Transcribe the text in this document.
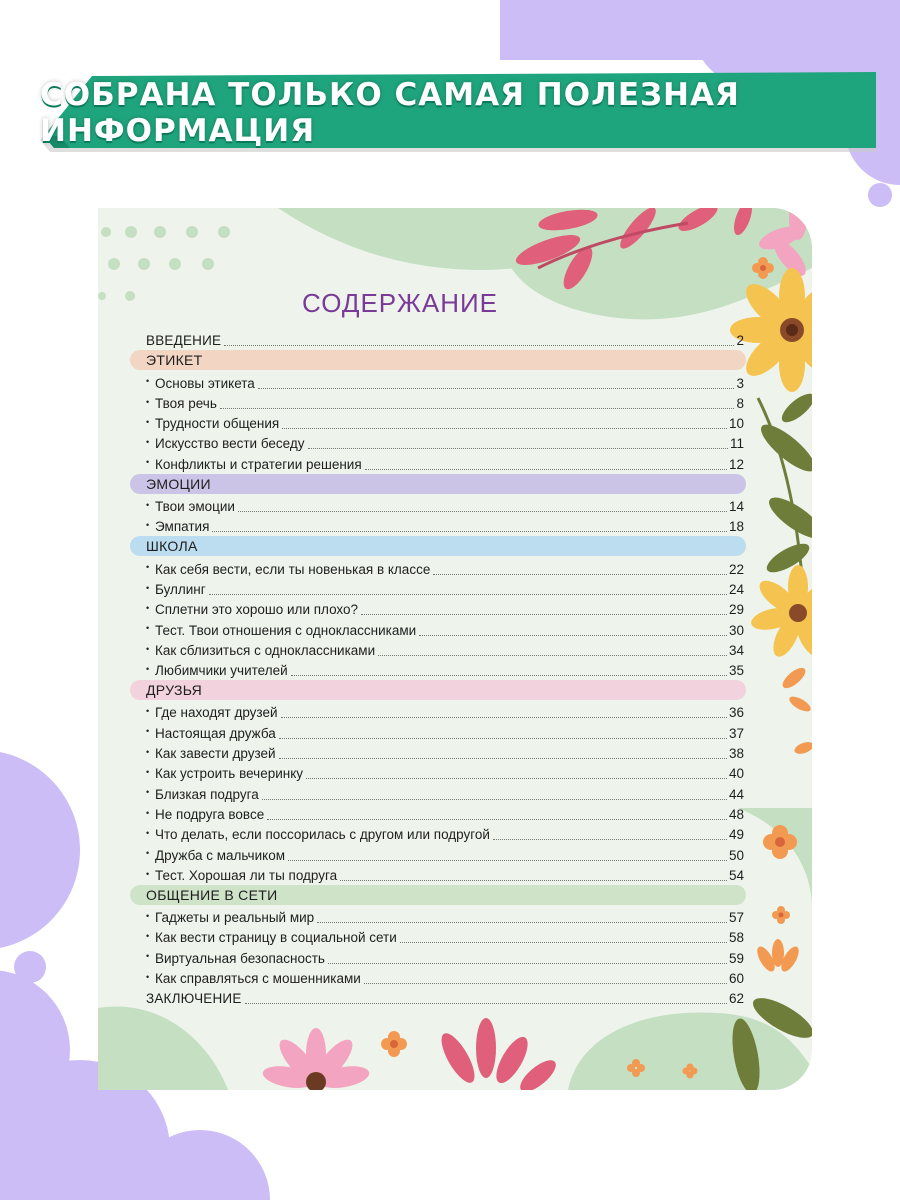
СОБРАНА ТОЛЬКО САМАЯ ПОЛЕЗНАЯ ИНФОРМАЦИЯ
СОДЕРЖАНИЕ
ВВЕДЕНИЕ	2
ЭТИКЕТ
• Основы этикета	3
• Твоя речь	8
• Трудности общения	10
• Искусство вести беседу	11
• Конфликты и стратегии решения	12
ЭМОЦИИ
• Твои эмоции	14
• Эмпатия	18
ШКОЛА
• Как себя вести, если ты новенькая в классе	22
• Буллинг	24
• Сплетни это хорошо или плохо?	29
• Тест. Твои отношения с одноклассниками	30
• Как сблизиться с одноклассниками	34
• Любимчики учителей	35
ДРУЗЬЯ
• Где находят друзей	36
• Настоящая дружба	37
• Как завести друзей	38
• Как устроить вечеринку	40
• Близкая подруга	44
• Не подруга вовсе	48
• Что делать, если поссорилась с другом или подругой	49
• Дружба с мальчиком	50
• Тест. Хорошая ли ты подруга	54
ОБЩЕНИЕ В СЕТИ
• Гаджеты и реальный мир	57
• Как вести страницу в социальной сети	58
• Виртуальная безопасность	59
• Как справляться с мошенниками	60
ЗАКЛЮЧЕНИЕ	62
